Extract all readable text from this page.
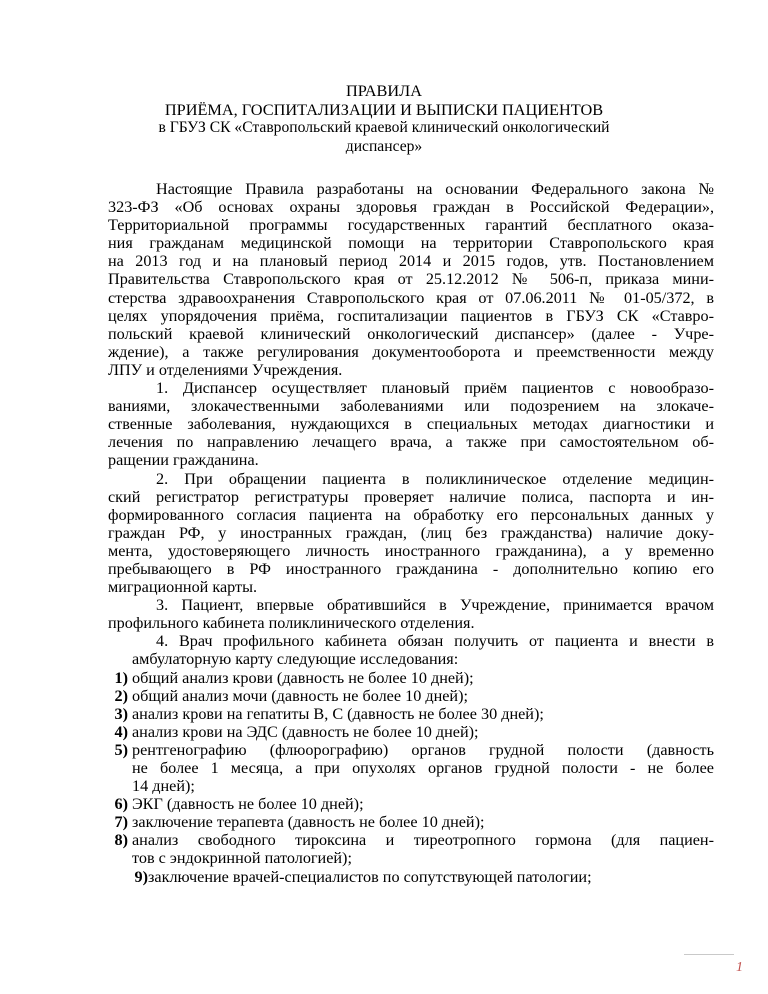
ПРАВИЛА
ПРИЁМА, ГОСПИТАЛИЗАЦИИ И ВЫПИСКИ ПАЦИЕНТОВ
в ГБУЗ СК «Ставропольский краевой клинический онкологический
диспансер»
Настоящие Правила разработаны на основании Федерального закона №
323-ФЗ «Об основах охраны здоровья граждан в Российской Федерации»,
Территориальной программы государственных гарантий бесплатного оказа-
ния гражданам медицинской помощи на территории Ставропольского края
на 2013 год и на плановый период 2014 и 2015 годов, утв. Постановлением
Правительства Ставропольского края от 25.12.2012 № 506-п, приказа мини-
стерства здравоохранения Ставропольского края от 07.06.2011 № 01-05/372, в
целях упорядочения приёма, госпитализации пациентов в ГБУЗ СК «Ставро-
польский краевой клинический онкологический диспансер» (далее - Учре-
ждение), а также регулирования документооборота и преемственности между
ЛПУ и отделениями Учреждения.
1. Диспансер осуществляет плановый приём пациентов с новообразо-
ваниями, злокачественными заболеваниями или подозрением на злокаче-
ственные заболевания, нуждающихся в специальных методах диагностики и
лечения по направлению лечащего врача, а также при самостоятельном об-
ращении гражданина.
2. При обращении пациента в поликлиническое отделение медицин-
ский регистратор регистратуры проверяет наличие полиса, паспорта и ин-
формированного согласия пациента на обработку его персональных данных у
граждан РФ, у иностранных граждан, (лиц без гражданства) наличие доку-
мента, удостоверяющего личность иностранного гражданина), а у временно
пребывающего в РФ иностранного гражданина - дополнительно копию его
миграционной карты.
3. Пациент, впервые обратившийся в Учреждение, принимается врачом
профильного кабинета поликлинического отделения.
4. Врач профильного кабинета обязан получить от пациента и внести в
амбулаторную карту следующие исследования:
1) общий анализ крови (давность не более 10 дней);
2) общий анализ мочи (давность не более 10 дней);
3) анализ крови на гепатиты В, С (давность не более 30 дней);
4) анализ крови на ЭДС (давность не более 10 дней);
5) рентгенографию (флюорографию) органов грудной полости (давность
не более 1 месяца, а при опухолях органов грудной полости - не более
14 дней);
6) ЭКГ (давность не более 10 дней);
7) заключение терапевта (давность не более 10 дней);
8) анализ свободного тироксина и тиреотропного гормона (для пациен-
тов с эндокринной патологией);
9) заключение врачей-специалистов по сопутствующей патологии;
1
